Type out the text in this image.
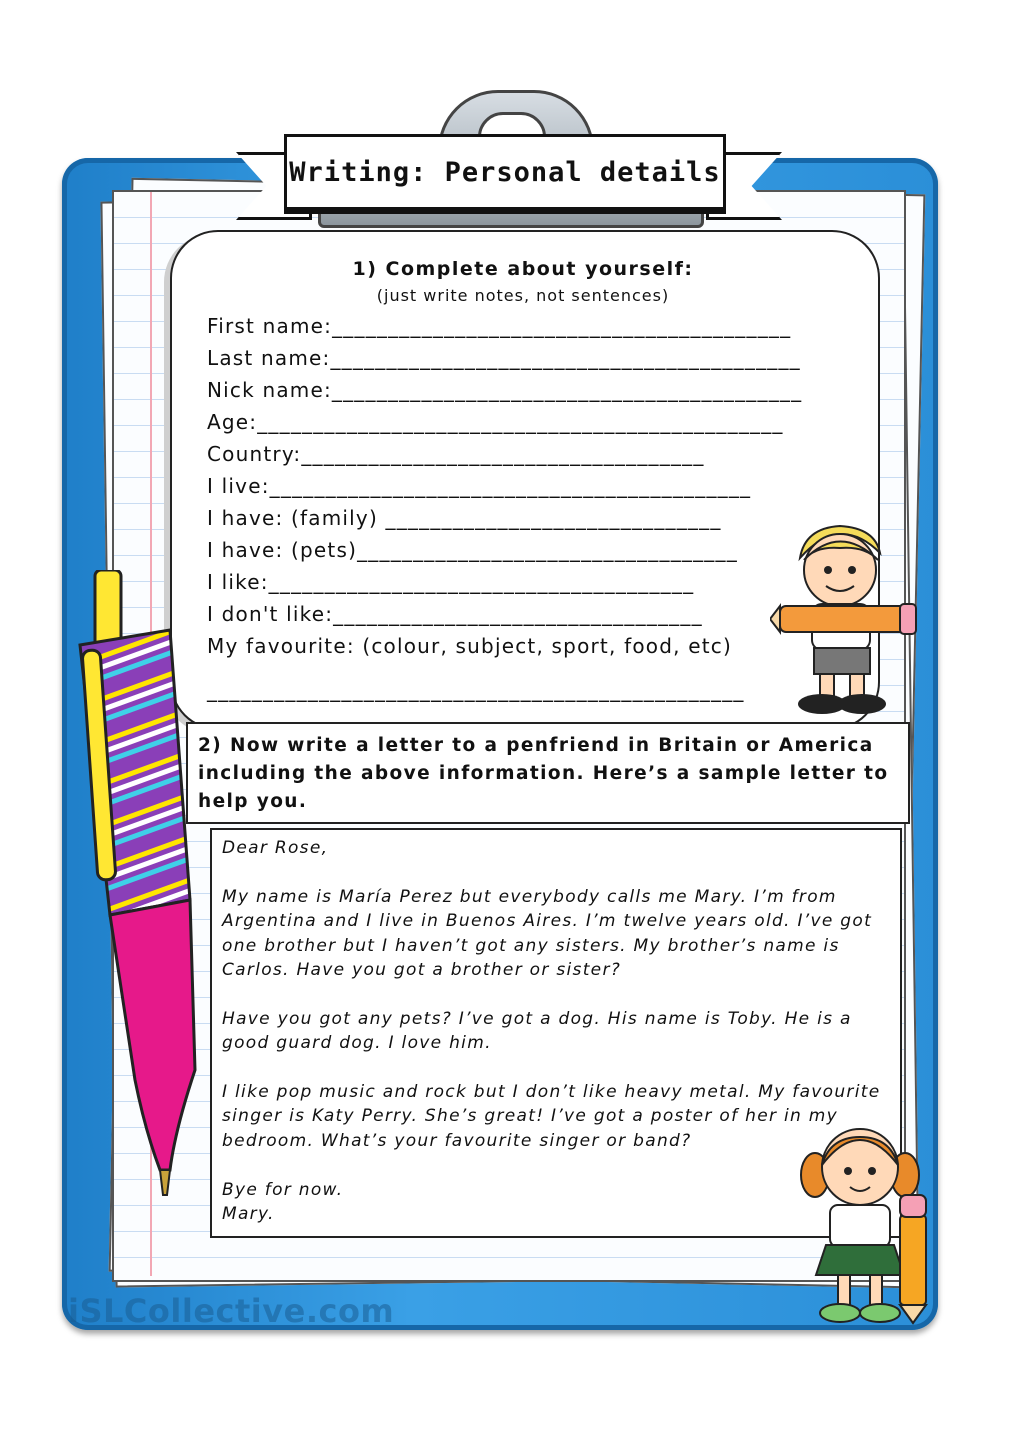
Writing: Personal details
1) Complete about yourself:
(just write notes, not sentences)
First name:_________________________________________
Last name:__________________________________________
Nick name:__________________________________________
Age:_______________________________________________
Country:____________________________________
I live:___________________________________________
I have: (family) ______________________________
I have: (pets)__________________________________
I like:______________________________________
I don't like:_________________________________
My favourite: (colour, subject, sport, food, etc)
________________________________________________
2) Now write a letter to a penfriend in Britain or America including the above information. Here’s a sample letter to help you.
Dear Rose,
My name is María Perez but everybody calls me Mary. I’m from Argentina and I live in Buenos Aires. I’m twelve years old. I’ve got one brother but I haven’t got any sisters. My brother’s name is Carlos. Have you got a brother or sister?
Have you got any pets? I’ve got a dog. His name is Toby. He is a good guard dog. I love him.
I like pop music and rock but I don’t like heavy metal. My favourite singer is Katy Perry. She’s great! I’ve got a poster of her in my bedroom. What’s your favourite singer or band?
Bye for now.
Mary.
iSLCollective.com
